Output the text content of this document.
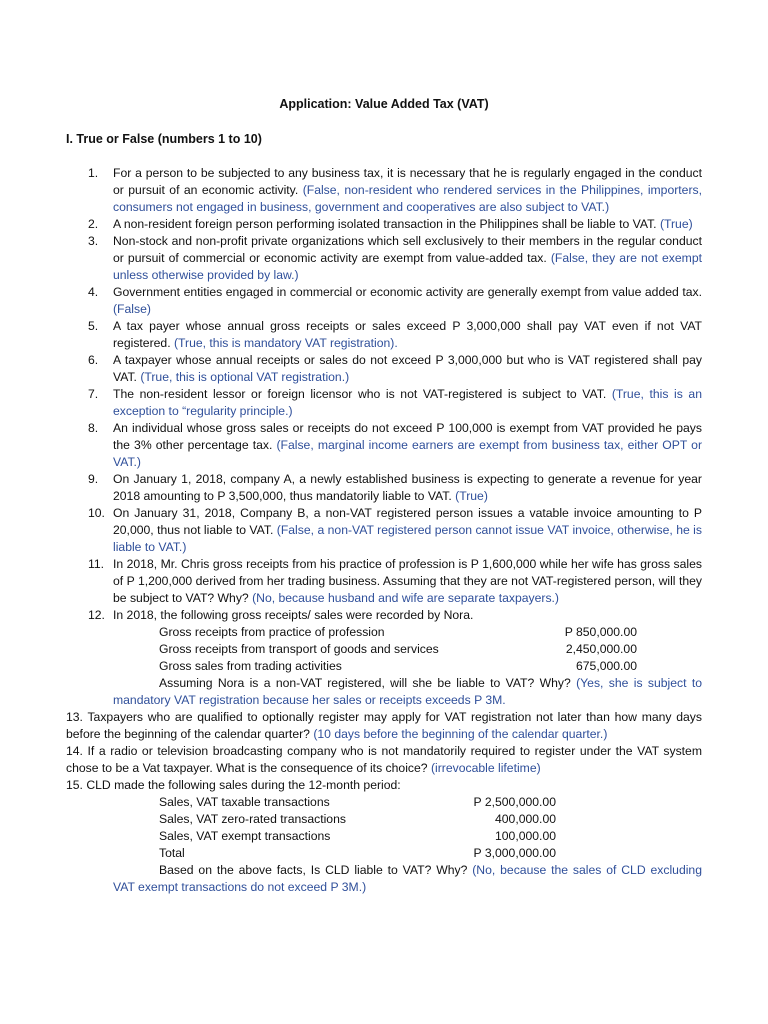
Application: Value Added Tax (VAT)
I. True or False (numbers 1 to 10)
1. For a person to be subjected to any business tax, it is necessary that he is regularly engaged in the conduct or pursuit of an economic activity. (False, non-resident who rendered services in the Philippines, importers, consumers not engaged in business, government and cooperatives are also subject to VAT.)
2. A non-resident foreign person performing isolated transaction in the Philippines shall be liable to VAT. (True)
3. Non-stock and non-profit private organizations which sell exclusively to their members in the regular conduct or pursuit of commercial or economic activity are exempt from value-added tax. (False, they are not exempt unless otherwise provided by law.)
4. Government entities engaged in commercial or economic activity are generally exempt from value added tax. (False)
5. A tax payer whose annual gross receipts or sales exceed P 3,000,000 shall pay VAT even if not VAT registered. (True, this is mandatory VAT registration).
6. A taxpayer whose annual receipts or sales do not exceed P 3,000,000 but who is VAT registered shall pay VAT. (True, this is optional VAT registration.)
7. The non-resident lessor or foreign licensor who is not VAT-registered is subject to VAT. (True, this is an exception to “regularity principle.)
8. An individual whose gross sales or receipts do not exceed P 100,000 is exempt from VAT provided he pays the 3% other percentage tax. (False, marginal income earners are exempt from business tax, either OPT or VAT.)
9. On January 1, 2018, company A, a newly established business is expecting to generate a revenue for year 2018 amounting to P 3,500,000, thus mandatorily liable to VAT. (True)
10. On January 31, 2018, Company B, a non-VAT registered person issues a vatable invoice amounting to P 20,000, thus not liable to VAT. (False, a non-VAT registered person cannot issue VAT invoice, otherwise, he is liable to VAT.)
11. In 2018, Mr. Chris gross receipts from his practice of profession is P 1,600,000 while her wife has gross sales of P 1,200,000 derived from her trading business. Assuming that they are not VAT-registered person, will they be subject to VAT? Why? (No, because husband and wife are separate taxpayers.)
12. In 2018, the following gross receipts/ sales were recorded by Nora.
Gross receipts from practice of profession	P 850,000.00
Gross receipts from transport of goods and services	2,450,000.00
Gross sales from trading activities	675,000.00
Assuming Nora is a non-VAT registered, will she be liable to VAT? Why? (Yes, she is subject to mandatory VAT registration because her sales or receipts exceeds P 3M.
13. Taxpayers who are qualified to optionally register may apply for VAT registration not later than how many days before the beginning of the calendar quarter? (10 days before the beginning of the calendar quarter.)
14. If a radio or television broadcasting company who is not mandatorily required to register under the VAT system chose to be a Vat taxpayer. What is the consequence of its choice? (irrevocable lifetime)
15. CLD made the following sales during the 12-month period:
Sales, VAT taxable transactions	P 2,500,000.00
Sales, VAT zero-rated transactions	400,000.00
Sales, VAT exempt transactions	100,000.00
Total	P 3,000,000.00
Based on the above facts, Is CLD liable to VAT? Why? (No, because the sales of CLD excluding VAT exempt transactions do not exceed P 3M.)
